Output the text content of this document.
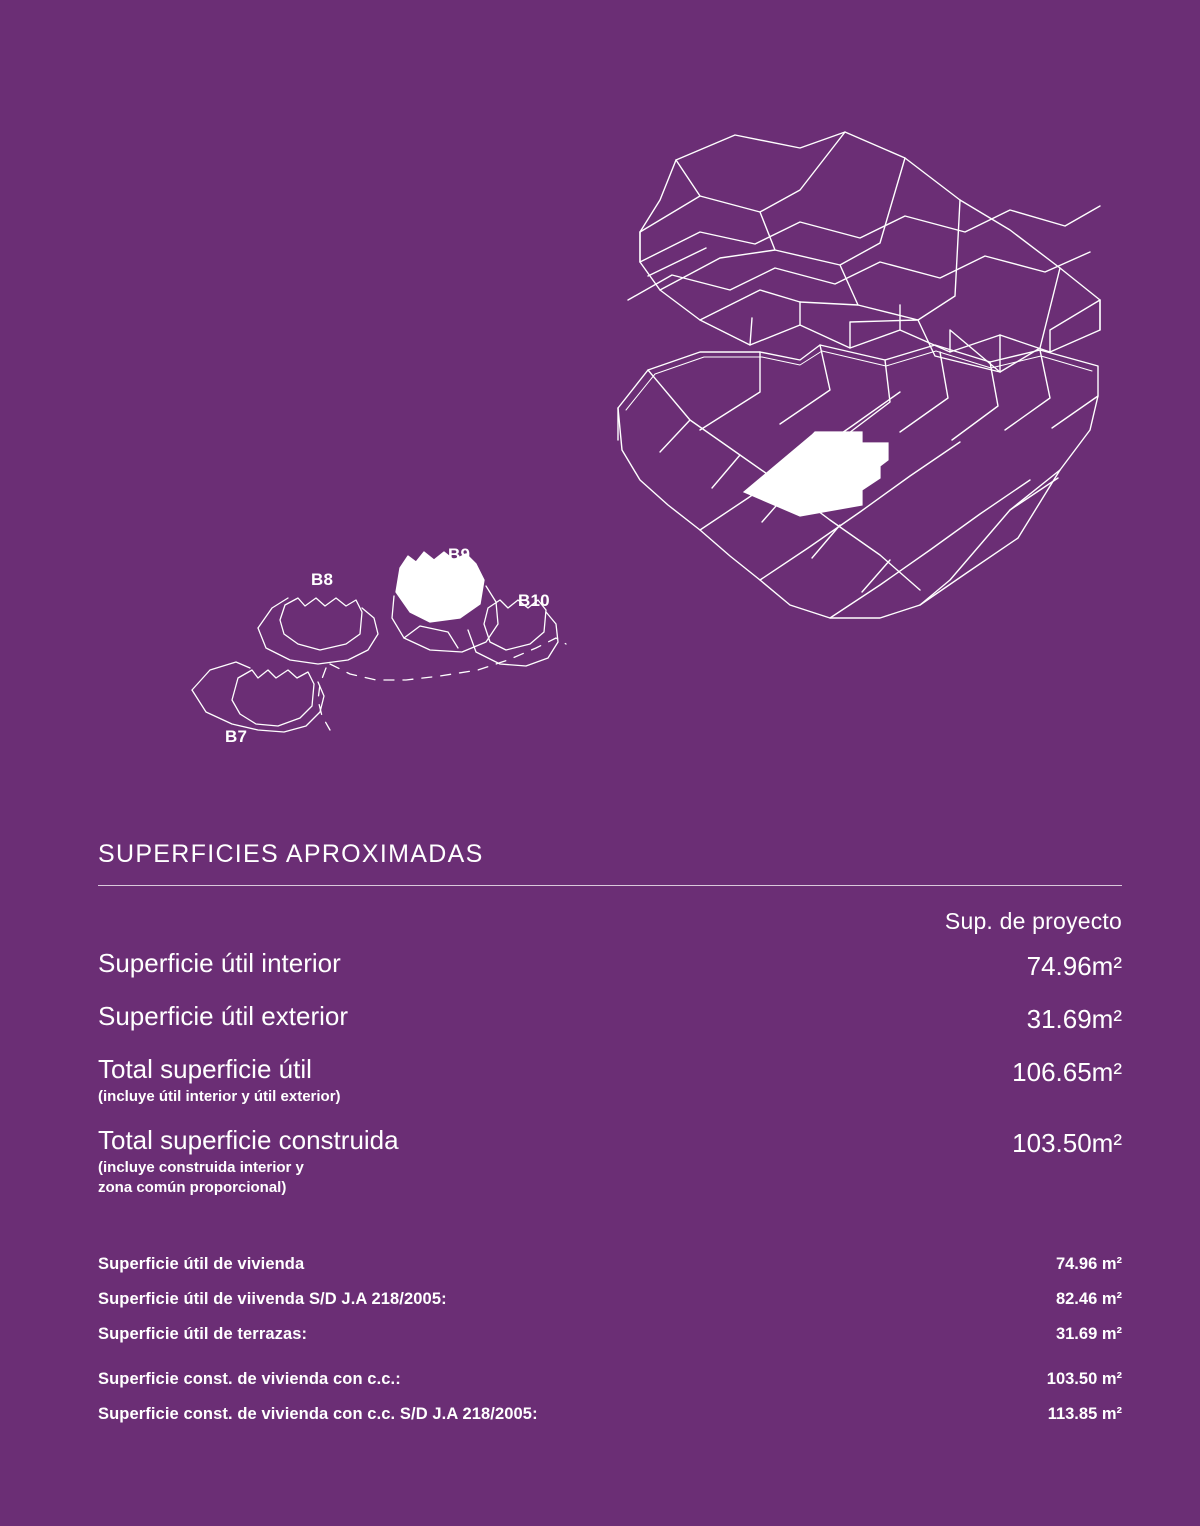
B7
B8
B9
B10
SUPERFICIES APROXIMADAS
Sup. de proyecto
Superficie útil interior	74.96m²
Superficie útil exterior	31.69m²
Total superficie útil
(incluye útil interior y útil exterior)
106.65m²
Total superficie construida
(incluye construida interior y
zona común proporcional)
103.50m²
Superficie útil de vivienda	74.96 m²
Superficie útil de viivenda S/D J.A 218/2005:	82.46 m²
Superficie útil de terrazas:	31.69 m²
Superficie const. de vivienda con c.c.:	103.50 m²
Superficie const. de vivienda con c.c. S/D J.A 218/2005:	113.85 m²
